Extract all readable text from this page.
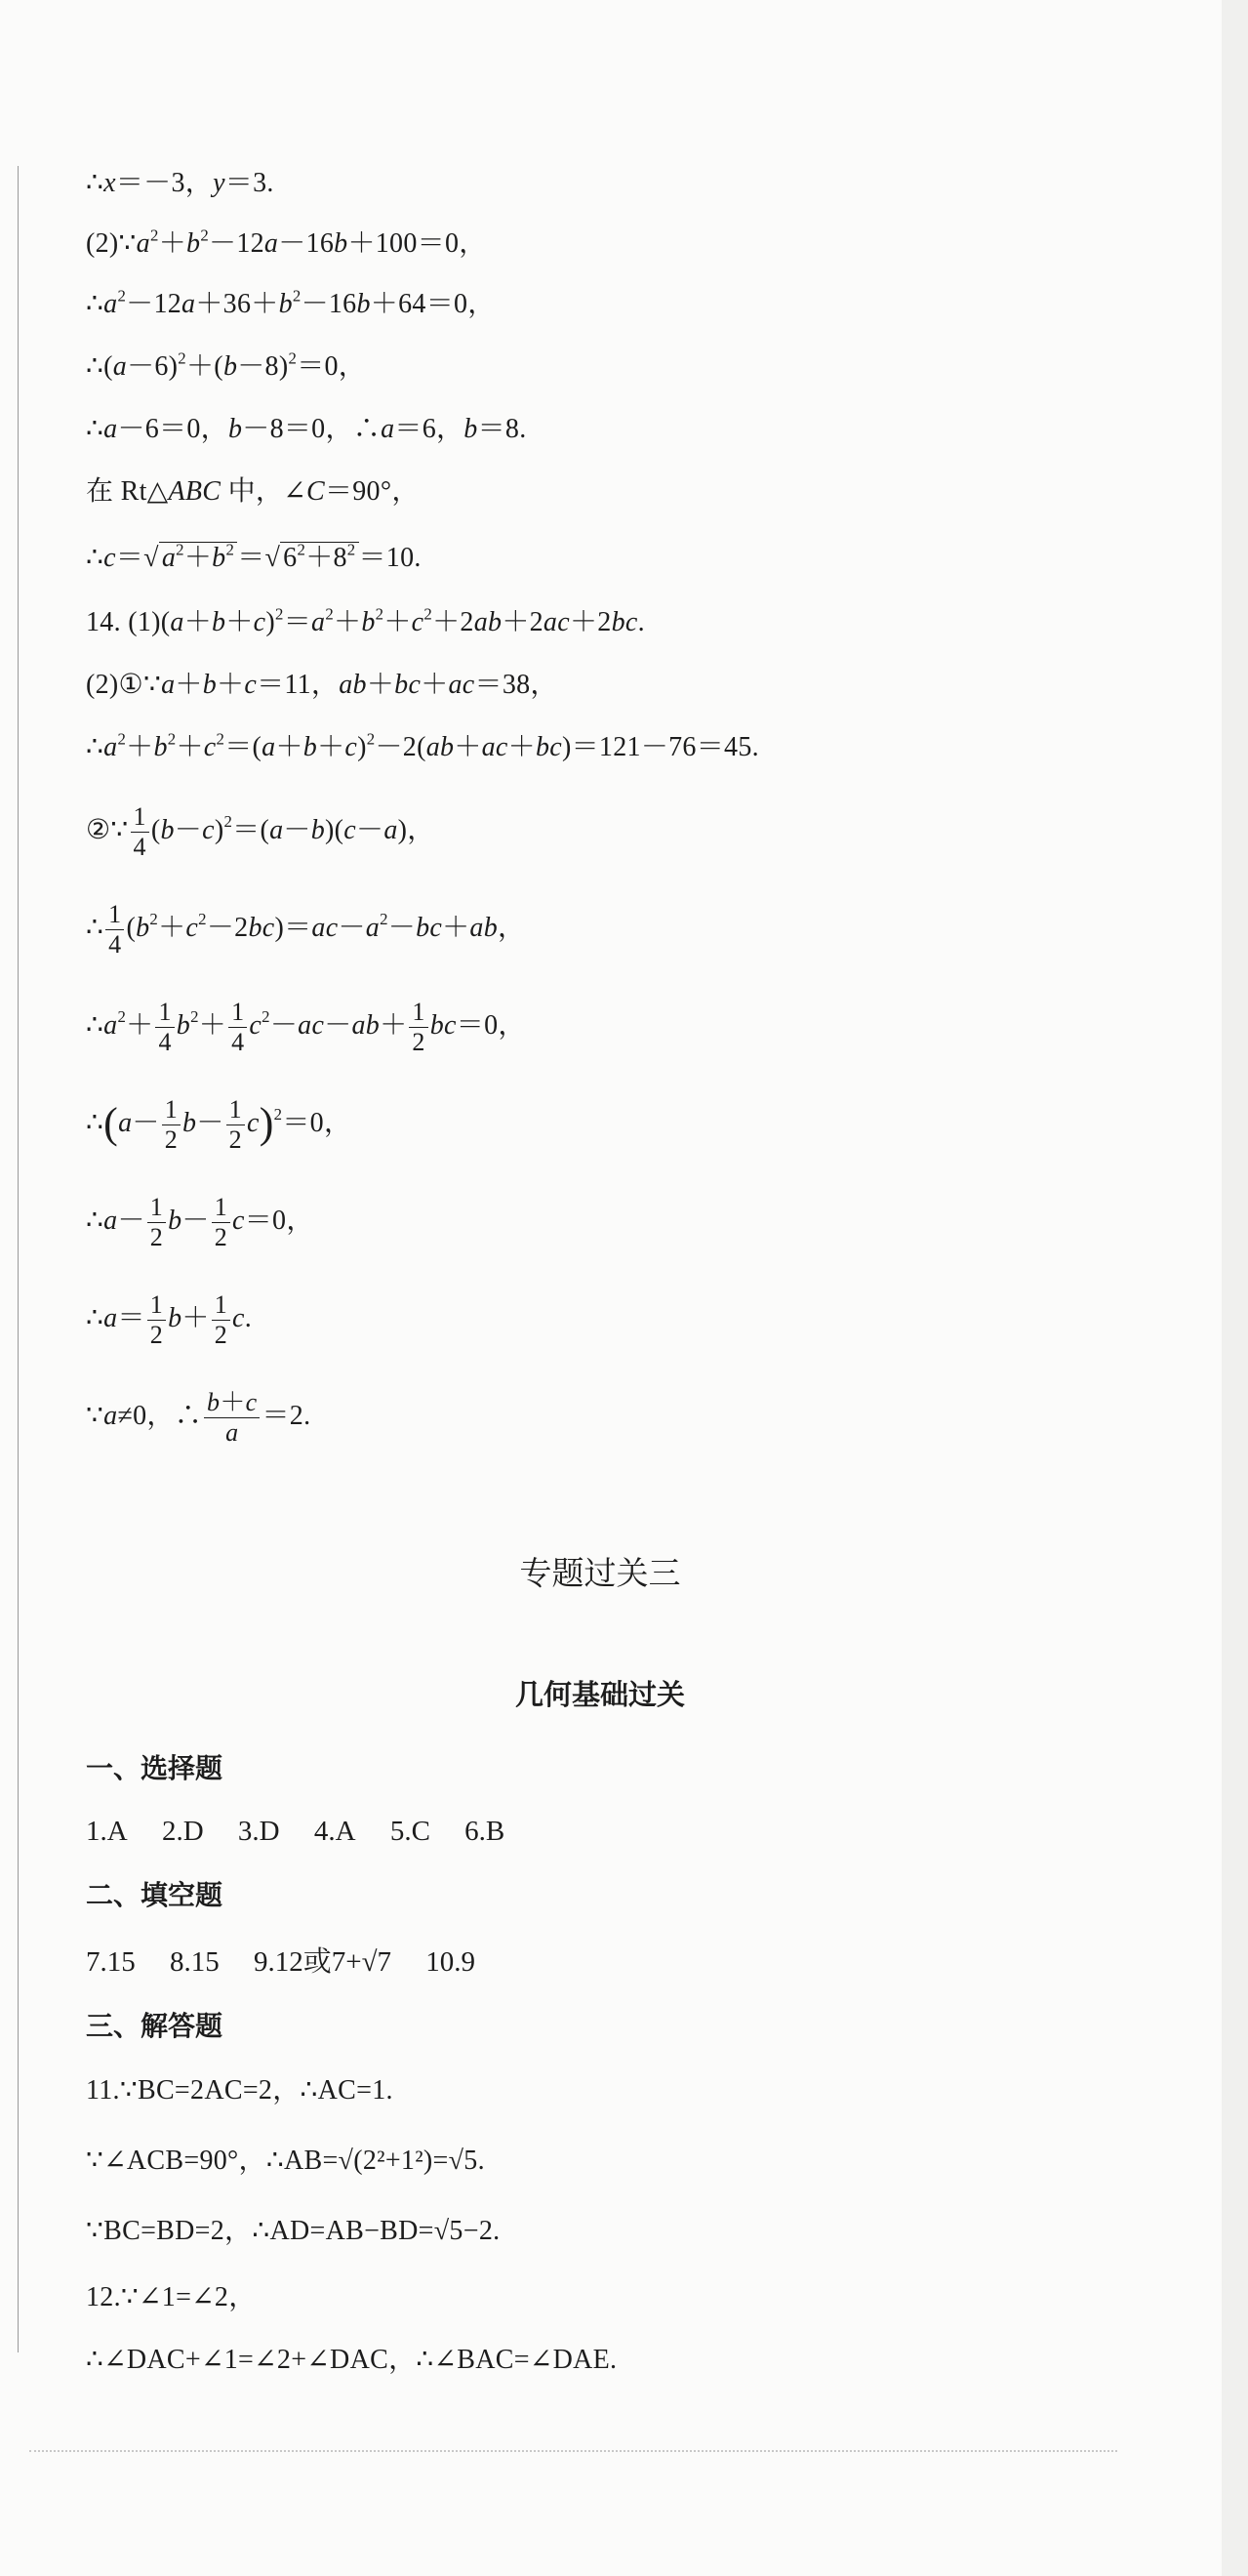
∴x＝－3，y＝3.
$(2)\because a^2+b^2-12a-16b+100=0$，
$\therefore a^2-12a+36+b^2-16b+64=0$，
$\therefore(a-6)^2+(b-8)^2=0$，
∴a－6＝0，b－8＝0，∴a＝6，b＝8.
在 Rt△ABC 中，∠C＝90°，
∴c＝√ $a^2+b^2$ ＝√ $6^2+8^2 =10$.
14. $(1)(a+b+c)^2=a^2+b^2+c^2+2ab+2ac+2bc$.
(2)①∵a＋b＋c＝11，ab＋bc＋ac＝38，
$\therefore a^2+b^2+c^2=(a+b+c)^2-2(ab+ac+bc)=121-76=45$.
②∵ $\frac{1}{4} (b-c)^2=(a-b)(c-a)$，
∴ $\frac{1}{4} (b^2+c^2-2bc)=ac-a^2-bc+ab$，
$\therefore a^2+ \frac{1}{4} b^2+ \frac{1}{4} c^2-ac-ab+ \frac{1}{2} bc=0$，
∴(a－ $\frac{1}{2} b- \frac{1}{2} c)^2=0$，
∴a－ $\frac{1}{2} b- \frac{1}{2} c=0$，
∴a＝ $\frac{1}{2} b+ \frac{1}{2} c$.
∵a≠0，∴ $\frac{b+c}{a} =2$.
专题过关三
几何基础过关
一、选择题
1.A 2.D 3.D 4.A 5.C 6.B
二、填空题
7.15 8.15 9.12或7+√7 10.9
三、解答题
11.∵BC=2AC=2，∴AC=1.
∵∠ACB=90°，∴AB=√(2²+1²)=√5.
∵BC=BD=2，∴AD=AB−BD=√5−2.
12.∵∠1=∠2，
∴∠DAC+∠1=∠2+∠DAC，∴∠BAC=∠DAE.
